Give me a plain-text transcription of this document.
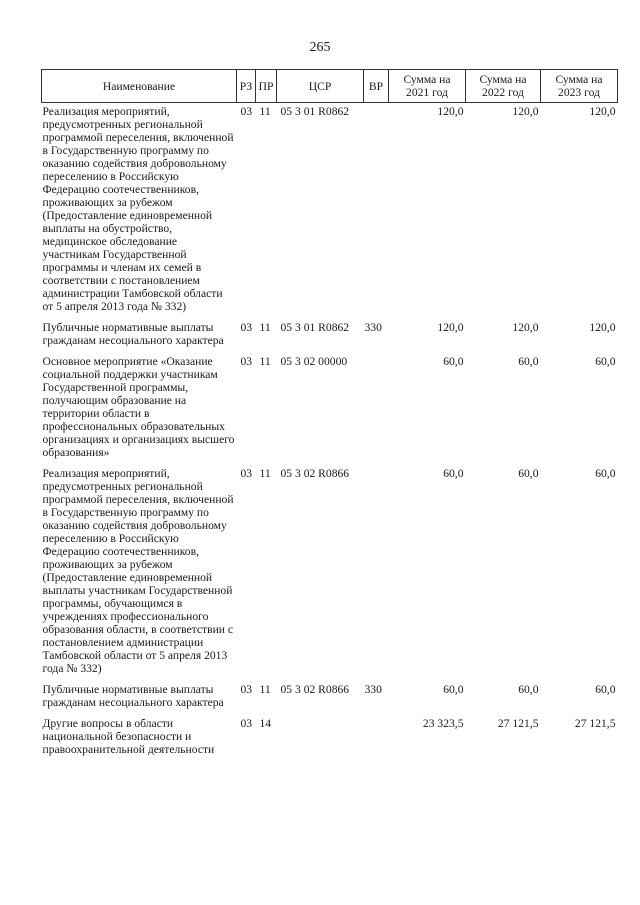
265
Наименование	РЗ	ПР	ЦСР	ВР	Сумма на 2021 год	Сумма на 2022 год	Сумма на 2023 год
Реализация мероприятий, предусмотренных региональной программой переселения, включенной в Государственную программу по оказанию содействия добровольному переселению в Российскую Федерацию соотечественников, проживающих за рубежом (Предоставление единовременной выплаты на обустройство, медицинское обследование участникам Государственной программы и членам их семей в соответствии с постановлением администрации Тамбовской области от 5 апреля 2013 года № 332)	03	11	05 3 01 R0862		120,0	120,0	120,0
Публичные нормативные выплаты гражданам несоциального характера	03	11	05 3 01 R0862	330	120,0	120,0	120,0
Основное мероприятие «Оказание социальной поддержки участникам Государственной программы, получающим образование на территории области в профессиональных образовательных организациях и организациях высшего образования»	03	11	05 3 02 00000		60,0	60,0	60,0
Реализация мероприятий, предусмотренных региональной программой переселения, включенной в Государственную программу по оказанию содействия добровольному переселению в Российскую Федерацию соотечественников, проживающих за рубежом (Предоставление единовременной выплаты участникам Государственной программы, обучающимся в учреждениях профессионального образования области, в соответствии с постановлением администрации Тамбовской области от 5 апреля 2013 года № 332)	03	11	05 3 02 R0866		60,0	60,0	60,0
Публичные нормативные выплаты гражданам несоциального характера	03	11	05 3 02 R0866	330	60,0	60,0	60,0
Другие вопросы в области национальной безопасности и правоохранительной деятельности	03	14			23 323,5	27 121,5	27 121,5
